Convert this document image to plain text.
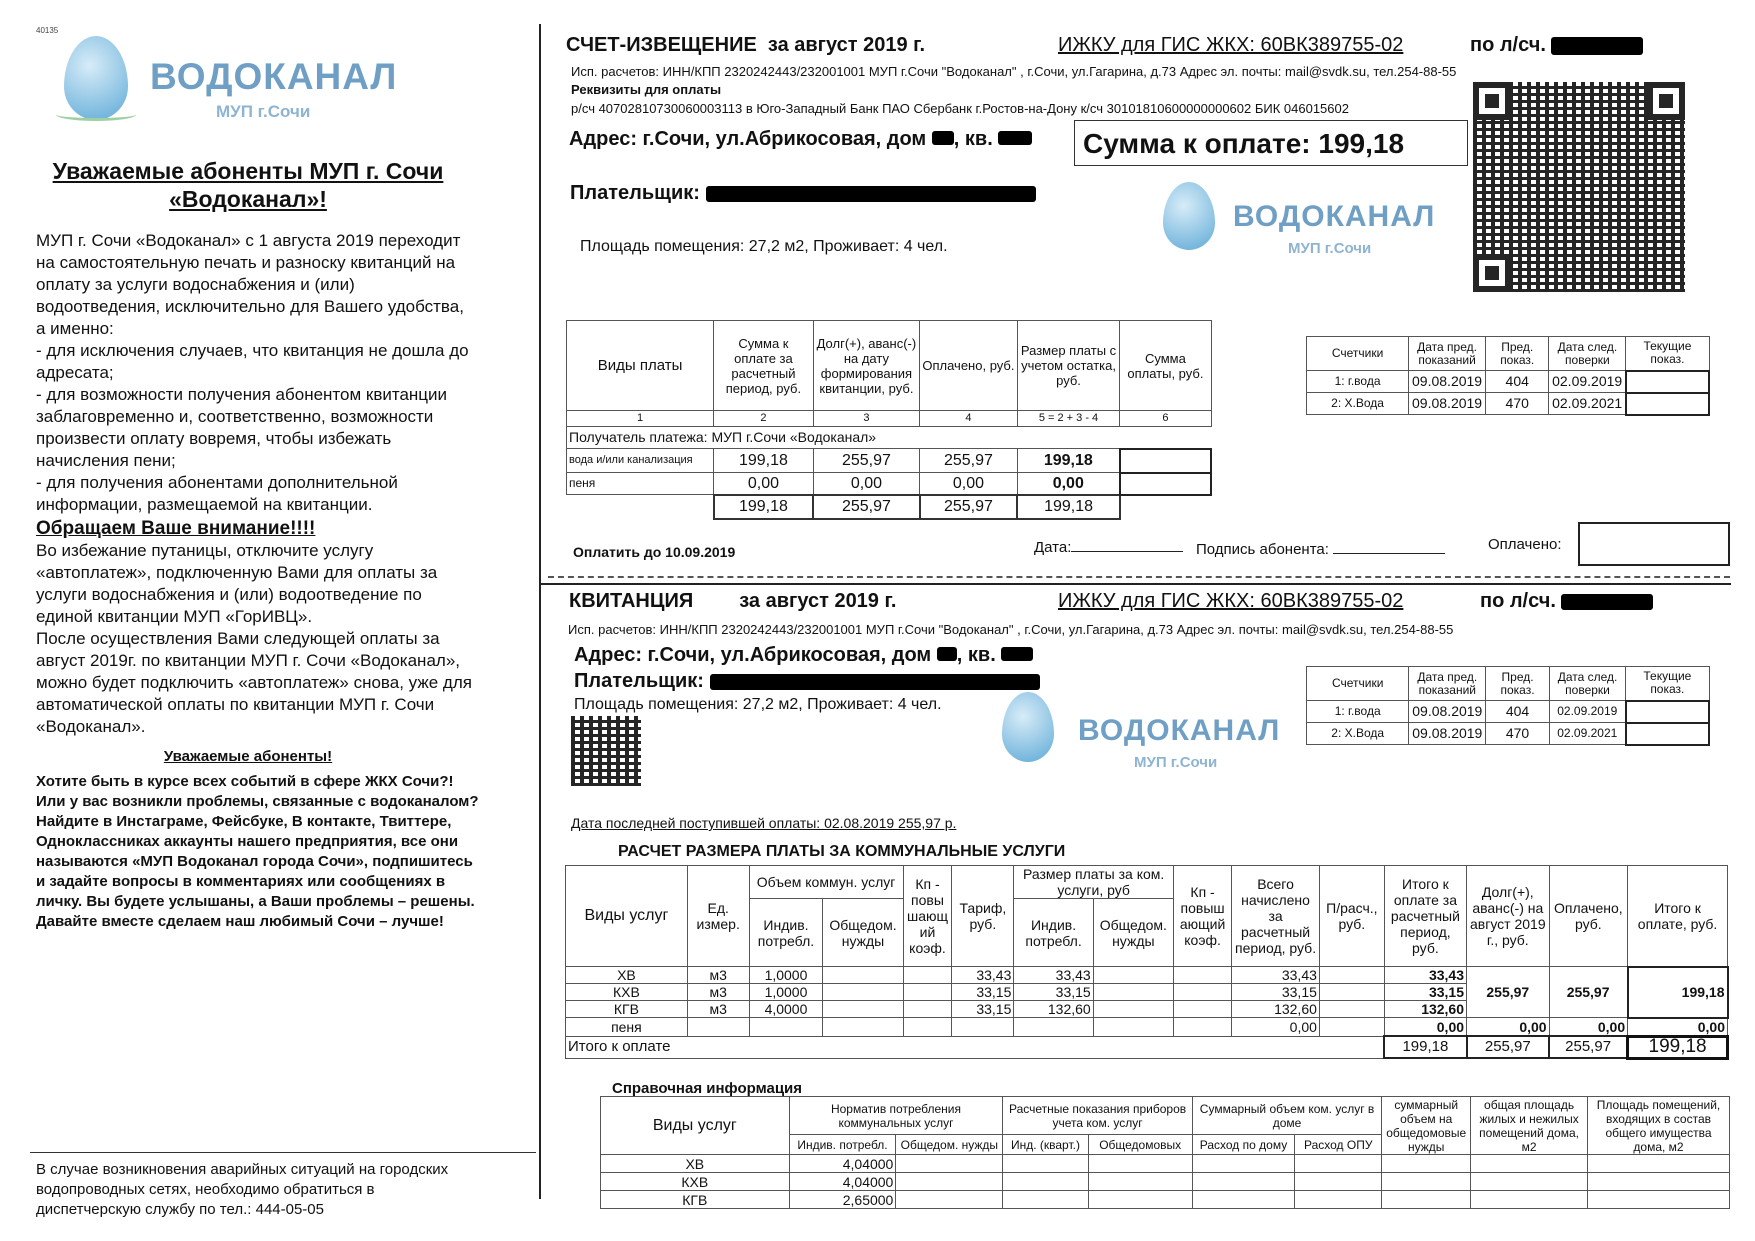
40135
ВОДОКАНАЛ
МУП г.Сочи
Уважаемые абоненты МУП г. Сочи
«Водоканал»!
МУП г. Сочи «Водоканал» с 1 августа 2019 переходит
на самостоятельную печать и разноску квитанций на
оплату за услуги водоснабжения и (или)
водоотведения, исключительно для Вашего удобства,
а именно:
- для исключения случаев, что квитанция не дошла до
адресата;
- для возможности получения абонентом квитанции
заблаговременно и, соответственно, возможности
произвести оплату вовремя, чтобы избежать
начисления пени;
- для получения абонентами дополнительной
информации, размещаемой на квитанции.
Обращаем Ваше внимание!!!!
Во избежание путаницы, отключите услугу
«автоплатеж», подключенную Вами для оплаты за
услуги водоснабжения и (или) водоотведение по
единой квитанции МУП «ГорИВЦ».
После осуществления Вами следующей оплаты за
август 2019г. по квитанции МУП г. Сочи «Водоканал»,
можно будет подключить «автоплатеж» снова, уже для
автоматической оплаты по квитанции МУП г. Сочи
«Водоканал».
Уважаемые абоненты!
Хотите быть в курсе всех событий в сфере ЖКХ Сочи?!
Или у вас возникли проблемы, связанные с водоканалом?
Найдите в Инстаграме, Фейсбуке, В контакте, Твиттере,
Одноклассниках аккаунты нашего предприятия, все они
называются «МУП Водоканал города Сочи», подпишитесь
и задайте вопросы в комментариях или сообщениях в
личку. Вы будете услышаны, а Ваши проблемы – решены.
Давайте вместе сделаем наш любимый Сочи – лучше!
В случае возникновения аварийных ситуаций на городских
водопроводных сетях, необходимо обратиться в
диспетчерскую службу по тел.: 444-05-05
СЧЕТ-ИЗВЕЩЕНИЕ за август 2019 г.	ИЖКУ для ГИС ЖКХ: 60ВК389755-02	по л/сч.
Исп. расчетов: ИНН/КПП 2320242443/232001001 МУП г.Сочи "Водоканал" , г.Сочи, ул.Гагарина, д.73 Адрес эл. почты: mail@svdk.su, тел.254-88-55
Реквизиты для оплаты
р/сч 40702810730060003113 в Юго-Западный Банк ПАО Сбербанк г.Ростов-на-Дону к/сч 30101810600000000602 БИК 046015602
Адрес: г.Сочи, ул.Абрикосовая, дом , кв.	Сумма к оплате: 199,18
Плательщик:
Площадь помещения: 27,2 м2, Проживает: 4 чел.
ВОДОКАНАЛ
МУП г.Сочи
Виды платы	Сумма к оплате за расчетный период, руб.	Долг(+), аванс(-) на дату формирования квитанции, руб.	Оплачено, руб.	Размер платы с учетом остатка, руб.	Сумма оплаты, руб.
1	2	3	4	5 = 2 + 3 - 4	6
Получатель платежа: МУП г.Сочи «Водоканал»					
вода и/или канализация	199,18	255,97	255,97	199,18	
пеня	0,00	0,00	0,00	0,00	
	199,18	255,97	255,97	199,18	
Счетчики	Дата пред. показаний	Пред. показ.	Дата след. поверки	Текущие показ.
1: г.вода	09.08.2019	404	02.09.2019	
2: Х.Вода	09.08.2019	470	02.09.2021	
Оплатить до 10.09.2019	Дата:	Подпись абонента:	Оплачено:
КВИТАНЦИЯ за август 2019 г.	ИЖКУ для ГИС ЖКХ: 60ВК389755-02	по л/сч.
Исп. расчетов: ИНН/КПП 2320242443/232001001 МУП г.Сочи "Водоканал" , г.Сочи, ул.Гагарина, д.73 Адрес эл. почты: mail@svdk.su, тел.254-88-55
Адрес: г.Сочи, ул.Абрикосовая, дом , кв.
Плательщик:
Площадь помещения: 27,2 м2, Проживает: 4 чел.
ВОДОКАНАЛ
МУП г.Сочи
Счетчики	Дата пред. показаний	Пред. показ.	Дата след. поверки	Текущие показ.
1: г.вода	09.08.2019	404	02.09.2019	
2: Х.Вода	09.08.2019	470	02.09.2021	
Дата последней поступившей оплаты: 02.08.2019 255,97 р.
РАСЧЕТ РАЗМЕРА ПЛАТЫ ЗА КОММУНАЛЬНЫЕ УСЛУГИ
Виды услуг	Ед. измер.	Объем коммун. услуг		Кп - повы шающ ий коэф.	Тариф, руб.	Размер платы за ком. услуги, руб		Кп - повыш ающий коэф.	Всего начислено за расчетный период, руб.	П/расч., руб.	Итого к оплате за расчетный период, руб.	Долг(+), аванс(-) на август 2019 г., руб.	Оплачено, руб.	Итого к оплате, руб.
		Индив. потребл.	Общедом. нужды			Индив. потребл.	Общедом. нужды							
ХВ	м3	1,0000			33,43	33,43			33,43		33,43	255,97	255,97	199,18
КХВ	м3	1,0000			33,15	33,15			33,15		33,15			
КГВ	м3	4,0000			33,15	132,60			132,60		132,60			
пеня									0,00		0,00	0,00	0,00	0,00
Итого к оплате											199,18	255,97	255,97	199,18
Справочная информация
Виды услуг	Норматив потребления коммунальных услуг		Расчетные показания приборов учета ком. услуг		Суммарный объем ком. услуг в доме		суммарный объем на общедомовые нужды	общая площадь жилых и нежилых помещений дома, м2	Площадь помещений, входящих в состав общего имущества дома, м2
	Индив. потребл.	Общедом. нужды	Инд. (кварт.)	Общедомовых	Расход по дому	Расход ОПУ			
ХВ	4,04000								
КХВ	4,04000								
КГВ	2,65000								
